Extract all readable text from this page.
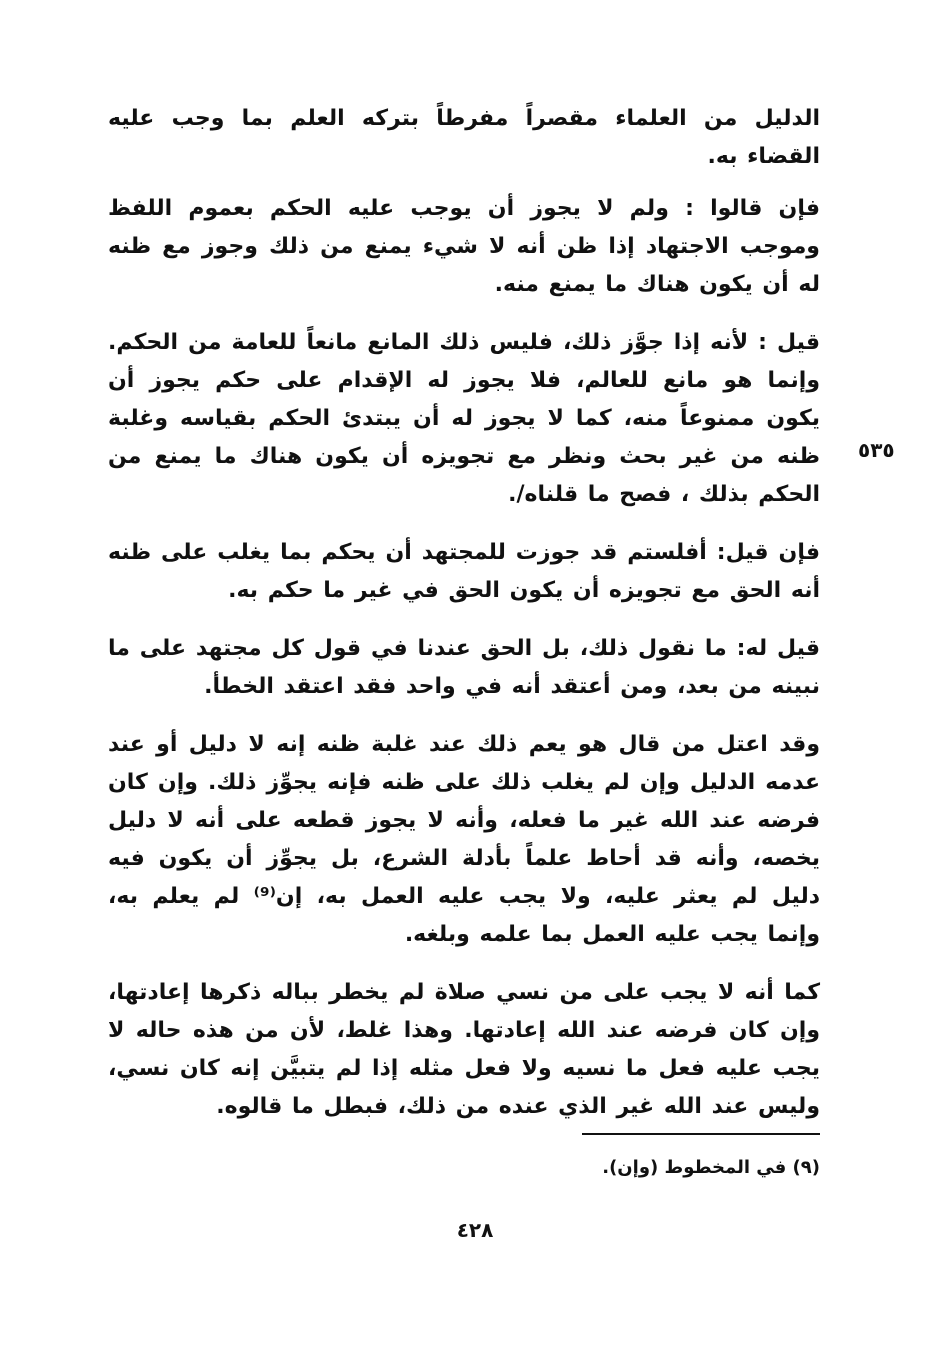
الدليل من العلماء مقصراً مفرطاً بتركه العلم بما وجب عليه القضاء به.

فإن قالوا : ولم لا يجوز أن يوجب عليه الحكم بعموم اللفظ وموجب الاجتهاد إذا ظن أنه لا شيء يمنع من ذلك وجوز مع ظنه له أن يكون هناك ما يمنع منه.

قيل : لأنه إذا جوَّز ذلك، فليس ذلك المانع مانعاً للعامة من الحكم. وإنما هو مانع للعالم، فلا يجوز له الإقدام على حكم يجوز أن يكون ممنوعاً منه، كما لا يجوز له أن يبتدئ الحكم بقياسه وغلبة ظنه من غير بحث ونظر مع تجويزه أن يكون هناك ما يمنع من الحكم بذلك ، فصح ما قلناه/.

فإن قيل: أفلستم قد جوزت للمجتهد أن يحكم بما يغلب على ظنه أنه الحق مع تجويزه أن يكون الحق في غير ما حكم به.

قيل له: ما نقول ذلك، بل الحق عندنا في قول كل مجتهد على ما نبينه من بعد، ومن أعتقد أنه في واحد فقد اعتقد الخطأ.

وقد اعتل من قال هو يعم ذلك عند غلبة ظنه إنه لا دليل أو عند عدمه الدليل وإن لم يغلب ذلك على ظنه فإنه يجوِّز ذلك. وإن كان فرضه عند الله غير ما فعله، وأنه لا يجوز قطعه على أنه لا دليل يخصه، وأنه قد أحاط علماً بأدلة الشرع، بل يجوِّز أن يكون فيه دليل لم يعثر عليه، ولا يجب عليه العمل به، إن⁽⁹⁾ لم يعلم به، وإنما يجب عليه العمل بما علمه وبلغه.

كما أنه لا يجب على من نسي صلاة لم يخطر بباله ذكرها إعادتها، وإن كان فرضه عند الله إعادتها. وهذا غلط، لأن من هذه حاله لا يجب عليه فعل ما نسيه ولا فعل مثله إذا لم يتبيَّن إنه كان نسي، وليس عند الله غير الذي عنده من ذلك، فبطل ما قالوه.

٥٣٥
(٩) في المخطوط (وإن).
٤٢٨
